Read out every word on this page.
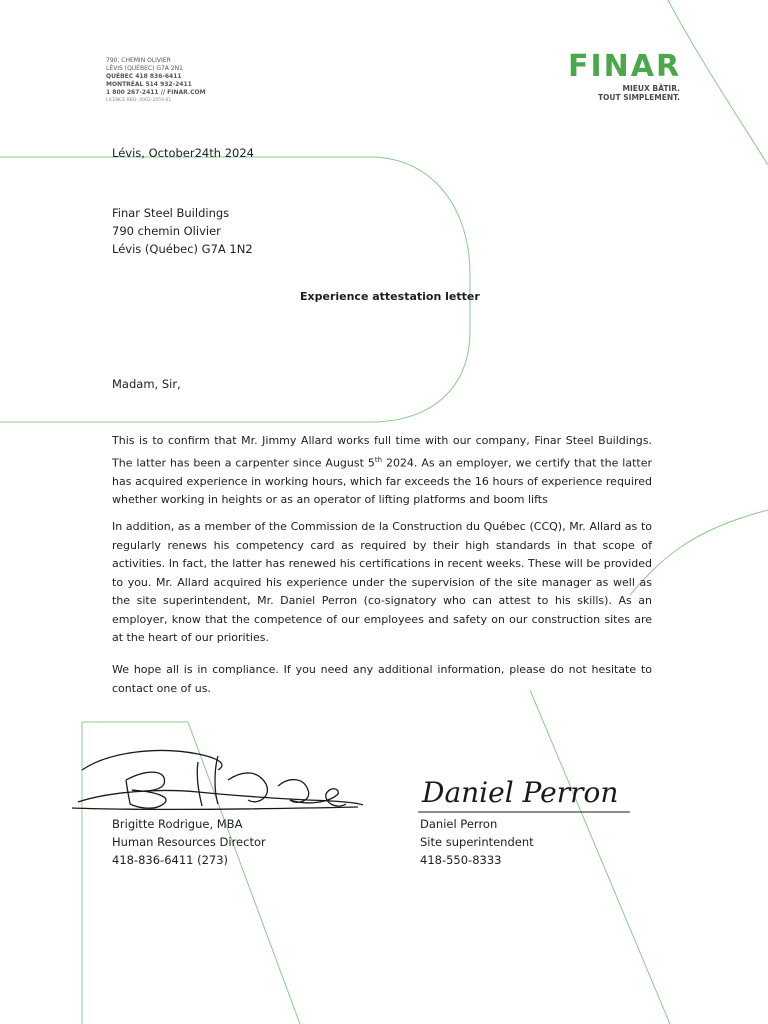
790, CHEMIN OLIVIER
LÉVIS (QUÉBEC) G7A 2N1
QUÉBEC 418 836-6411
MONTRÉAL 514 932-2411
1 800 267-2411 // FINAR.COM
LICENCE RBQ: 0003-2059-61
FINAR
MIEUX BÂTIR.
TOUT SIMPLEMENT.
Lévis, October24th 2024
Finar Steel Buildings
790 chemin Olivier
Lévis (Québec) G7A 1N2
Experience attestation letter
Madam, Sir,
This is to confirm that Mr. Jimmy Allard works full time with our company, Finar Steel Buildings. The latter has been a carpenter since August 5th 2024. As an employer, we certify that the latter has acquired experience in working hours, which far exceeds the 16 hours of experience required whether working in heights or as an operator of lifting platforms and boom lifts
In addition, as a member of the Commission de la Construction du Québec (CCQ), Mr. Allard as to regularly renews his competency card as required by their high standards in that scope of activities. In fact, the latter has renewed his certifications in recent weeks. These will be provided to you. Mr. Allard acquired his experience under the supervision of the site manager as well as the site superintendent, Mr. Daniel Perron (co-signatory who can attest to his skills). As an employer, know that the competence of our employees and safety on our construction sites are at the heart of our priorities.
We hope all is in compliance. If you need any additional information, please do not hesitate to contact one of us.
Daniel Perron
Brigitte Rodrigue, MBA
Human Resources Director
418-836-6411 (273)
Daniel Perron
Site superintendent
418-550-8333
